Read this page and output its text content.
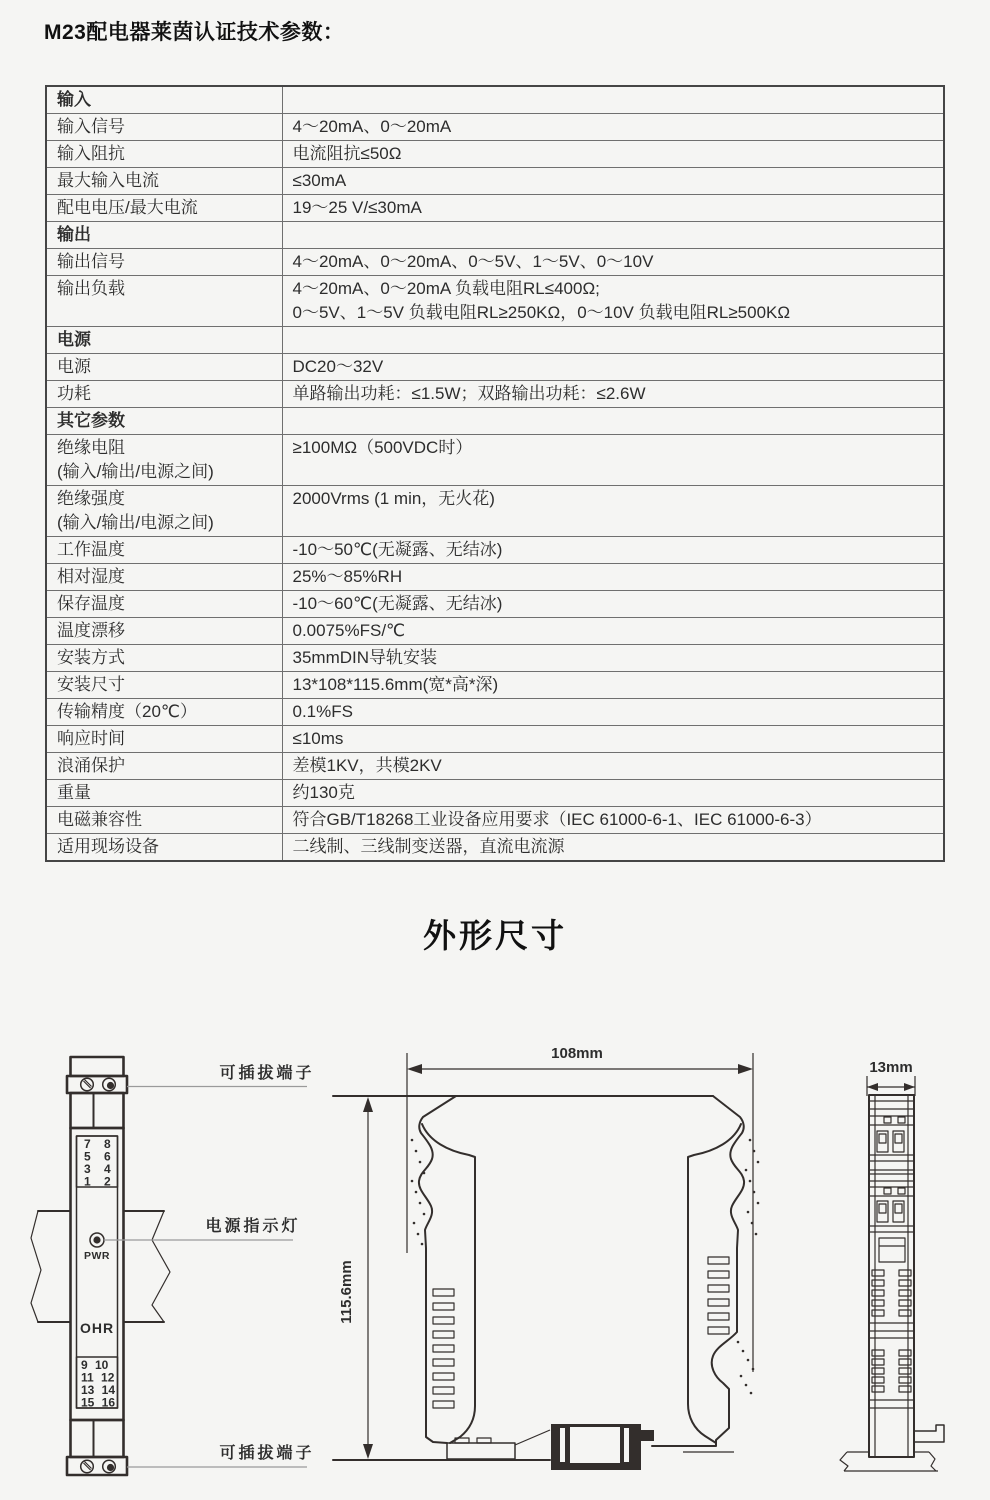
M23配电器莱茵认证技术参数：
输入	

输入信号	4～20mA、0～20mA

输入阻抗	电流阻抗≤50Ω

最大输入电流	≤30mA

配电电压/最大电流	19～25 V/≤30mA

输出	

输出信号	4～20mA、0～20mA、0～5V、1～5V、0～10V

输出负载	4～20mA、0～20mA 负载电阻RL≤400Ω;
0～5V、1～5V 负载电阻RL≥250KΩ，0～10V 负载电阻RL≥500KΩ

电源	

电源	DC20～32V

功耗	单路输出功耗：≤1.5W；双路输出功耗：≤2.6W

其它参数	

绝缘电阻
(输入/输出/电源之间)	≥100MΩ（500VDC时）

绝缘强度
(输入/输出/电源之间)	2000Vrms (1 min，无火花)

工作温度	-10～50℃(无凝露、无结冰)

相对湿度	25%～85%RH

保存温度	-10～60℃(无凝露、无结冰)

温度漂移	0.0075%FS/℃

安装方式	35mmDIN导轨安装

安装尺寸	13*108*115.6mm(宽*高*深)

传输精度（20℃）	0.1%FS

响应时间	≤10ms

浪涌保护	差模1KV，共模2KV

重量	约130克

电磁兼容性	符合GB/T18268工业设备应用要求（IEC 61000-6-1、IEC 61000-6-3）

适用现场设备	二线制、三线制变送器，直流电流源
外形尺寸
7 8
5 6
3 4
1 2
PWR
OHR
9 10
11 12
13 14
15 16
可插拔端子
电源指示灯
可插拔端子
108mm
115.6mm
13mm
